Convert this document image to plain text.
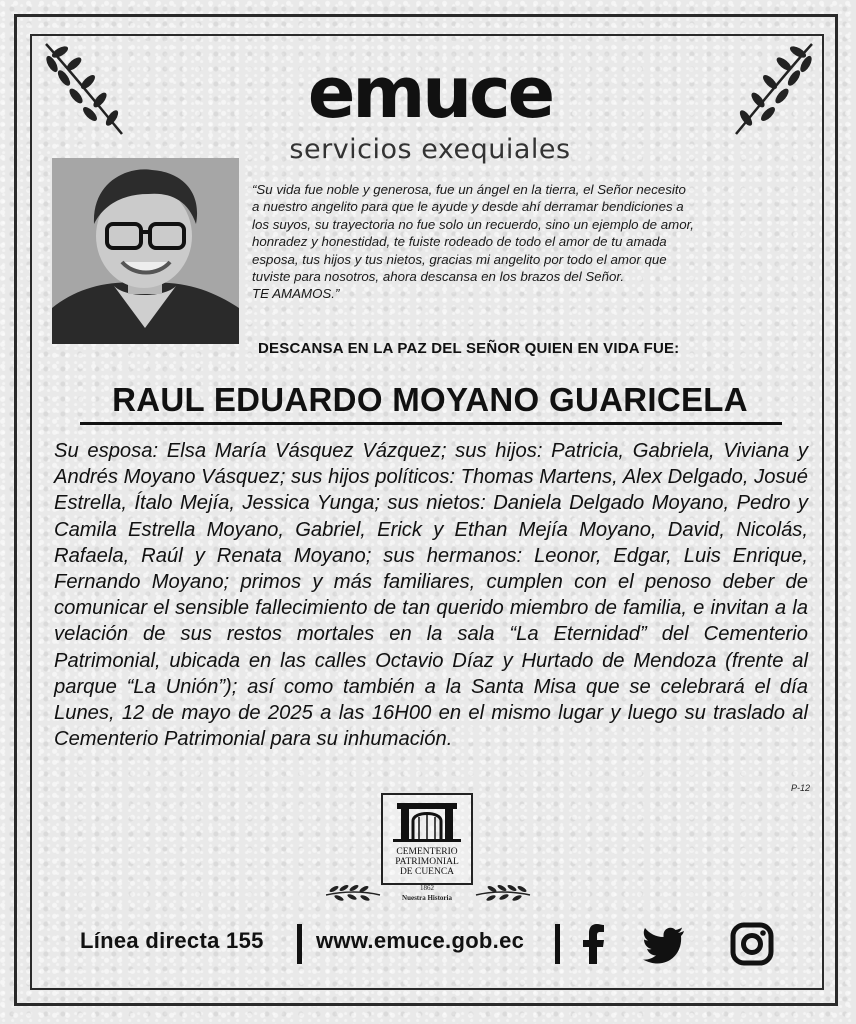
emuce
servicios exequiales
“Su vida fue noble y generosa, fue un ángel en la tierra, el Señor necesito
a nuestro angelito para que le ayude y desde ahí derramar bendiciones a
los suyos, su trayectoria no fue solo un recuerdo, sino un ejemplo de amor,
honradez y honestidad, te fuiste rodeado de todo el amor de tu amada
esposa, tus hijos y tus nietos, gracias mi angelito por todo el amor que
tuviste para nosotros, ahora descansa en los brazos del Señor.
TE AMAMOS.”
DESCANSA EN LA PAZ DEL SEÑOR QUIEN EN VIDA FUE:
RAUL EDUARDO MOYANO GUARICELA
Su esposa: Elsa María Vásquez Vázquez; sus hijos: Patricia, Gabriela, Viviana y Andrés Moyano Vásquez; sus hijos políticos: Thomas Martens, Alex Delgado, Josué Estrella, Ítalo Mejía, Jessica Yunga; sus nietos: Daniela Delgado Moyano, Pedro y Camila Estrella Moyano, Gabriel, Erick y Ethan Mejía Moyano, David, Nicolás, Rafaela, Raúl y Renata Moyano; sus hermanos: Leonor, Edgar, Luis Enrique, Fernando Moyano; primos y más familiares, cumplen con el penoso deber de comunicar el sensible fallecimiento de tan querido miembro de familia, e invitan a la velación de sus restos mortales en la sala “La Eternidad” del Cementerio Patrimonial, ubicada en las calles Octavio Díaz y Hurtado de Mendoza (frente al parque “La Unión”); así como también a la Santa Misa que se celebrará el día Lunes, 12 de mayo de 2025 a las 16H00 en el mismo lugar y luego su traslado al Cementerio Patrimonial para su inhumación.
P-12
CEMENTERIO
PATRIMONIAL
DE CUENCA
1862
Nuestra Historia
Línea directa 155 www.emuce.gob.ec
